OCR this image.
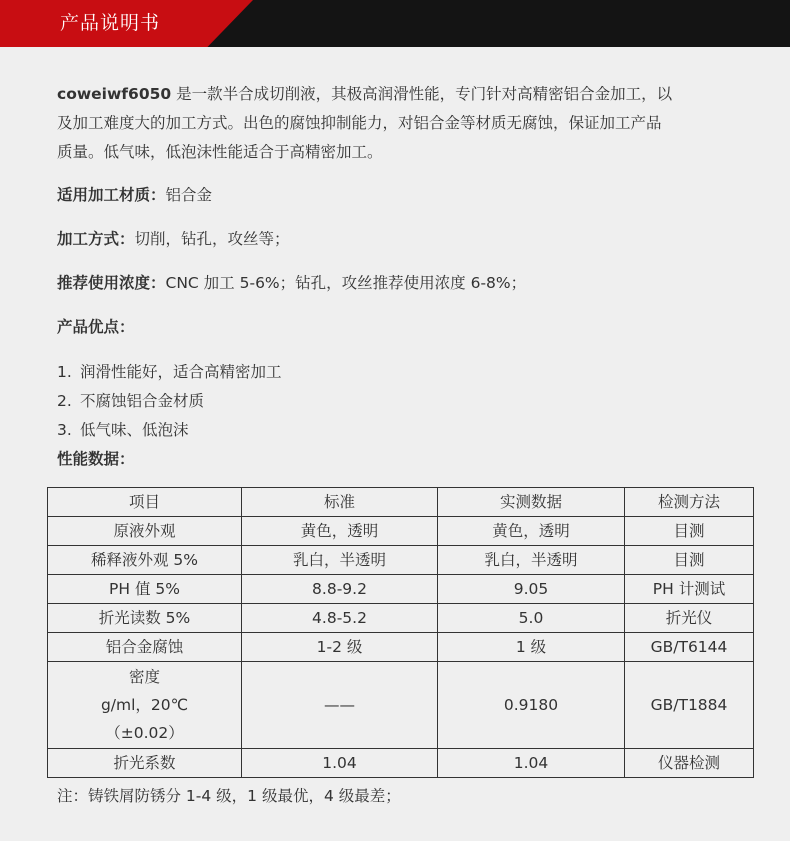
产品说明书

coweiwf6050 是一款半合成切削液，其极高润滑性能，专门针对高精密铝合金加工，以
及加工难度大的加工方式。出色的腐蚀抑制能力，对铝合金等材质无腐蚀，保证加工产品
质量。低气味，低泡沫性能适合于高精密加工。

适用加工材质：铝合金
加工方式：切削，钻孔，攻丝等；
推荐使用浓度：CNC 加工 5-6%；钻孔，攻丝推荐使用浓度 6-8%；
产品优点：
1. 润滑性能好，适合高精密加工
2. 不腐蚀铝合金材质
3. 低气味、低泡沫
性能数据：
项目	标准	实测数据	检测方法
原液外观	黄色，透明	黄色，透明	目测
稀释液外观 5%	乳白，半透明	乳白，半透明	目测
PH 值 5%	8.8-9.2	9.05	PH 计测试
折光读数 5%	4.8-5.2	5.0	折光仪
铝合金腐蚀	1-2 级	1 级	GB/T6144
密度
g/ml，20℃
（±0.02）	——	0.9180	GB/T1884
折光系数	1.04	1.04	仪器检测
注：铸铁屑防锈分 1-4 级，1 级最优，4 级最差；
